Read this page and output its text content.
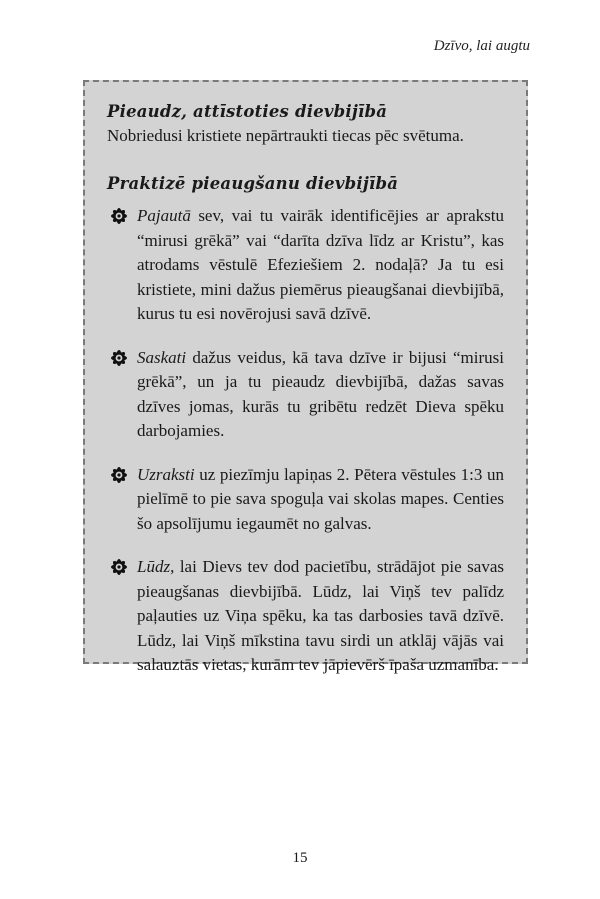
Dzīvo, lai augtu

Pieaudz, attīstoties dievbijībā

Nobriedusi kristiete nepārtraukti tiecas pēc svētuma.

Praktizē pieaugšanu dievbijībā

Pajautā sev, vai tu vairāk identificējies ar aprakstu “mirusi grēkā” vai “darīta dzīva līdz ar Kristu”, kas atrodams vēstulē Efeziešiem 2. nodaļā? Ja tu esi kristiete, mini dažus piemērus pieaugšanai dievbijībā, kurus tu esi novērojusi savā dzīvē.

Saskati dažus veidus, kā tava dzīve ir bijusi “mirusi grēkā”, un ja tu pieaudz dievbijībā, dažas savas dzīves jomas, kurās tu gribētu redzēt Dieva spēku darbojamies.

Uzraksti uz piezīmju lapiņas 2. Pētera vēstules 1:3 un pielīmē to pie sava spoguļa vai skolas mapes. Centies šo apsolījumu iegaumēt no galvas.

Lūdz, lai Dievs tev dod pacietību, strādājot pie savas pieaugšanas dievbijībā. Lūdz, lai Viņš tev palīdz paļauties uz Viņa spēku, ka tas darbosies tavā dzīvē. Lūdz, lai Viņš mīkstina tavu sirdi un atklāj vājās vai salauztās vietas, kurām tev jāpievērš īpaša uzmanība.

15
